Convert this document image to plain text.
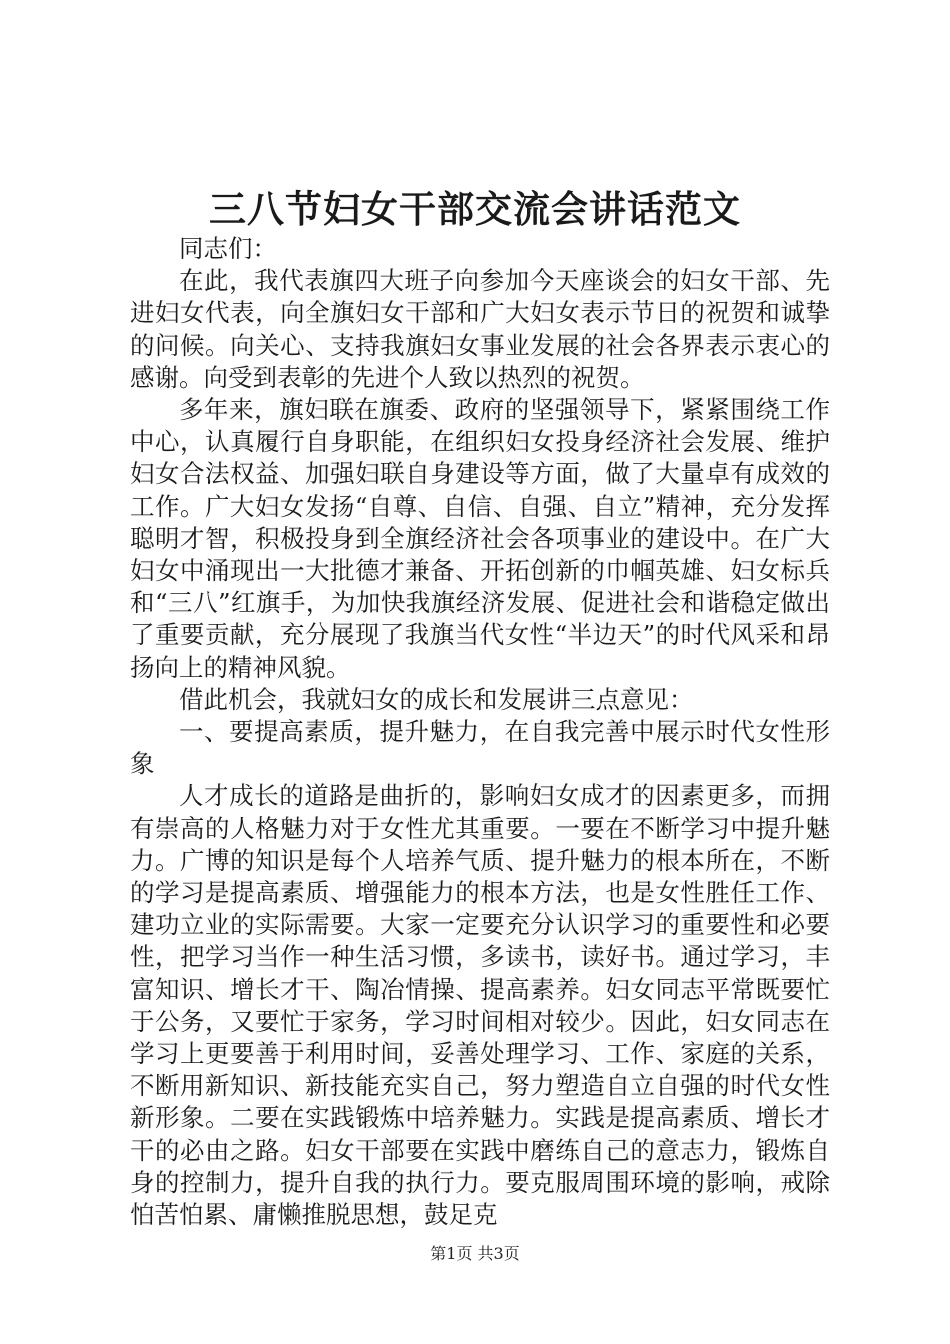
三八节妇女干部交流会讲话范文

同志们：

在此，我代表旗四大班子向参加今天座谈会的妇女干部、先进妇女代表，向全旗妇女干部和广大妇女表示节日的祝贺和诚挚的问候。向关心、支持我旗妇女事业发展的社会各界表示衷心的感谢。向受到表彰的先进个人致以热烈的祝贺。

多年来，旗妇联在旗委、政府的坚强领导下，紧紧围绕工作中心，认真履行自身职能，在组织妇女投身经济社会发展、维护妇女合法权益、加强妇联自身建设等方面，做了大量卓有成效的工作。广大妇女发扬“自尊、自信、自强、自立”精神，充分发挥聪明才智，积极投身到全旗经济社会各项事业的建设中。在广大妇女中涌现出一大批德才兼备、开拓创新的巾帼英雄、妇女标兵和“三八”红旗手，为加快我旗经济发展、促进社会和谐稳定做出了重要贡献，充分展现了我旗当代女性“半边天”的时代风采和昂扬向上的精神风貌。

借此机会，我就妇女的成长和发展讲三点意见：

一、要提高素质，提升魅力，在自我完善中展示时代女性形象

人才成长的道路是曲折的，影响妇女成才的因素更多，而拥有崇高的人格魅力对于女性尤其重要。一要在不断学习中提升魅力。广博的知识是每个人培养气质、提升魅力的根本所在，不断的学习是提高素质、增强能力的根本方法，也是女性胜任工作、建功立业的实际需要。大家一定要充分认识学习的重要性和必要性，把学习当作一种生活习惯，多读书，读好书。通过学习，丰富知识、增长才干、陶冶情操、提高素养。妇女同志平常既要忙于公务，又要忙于家务，学习时间相对较少。因此，妇女同志在学习上更要善于利用时间，妥善处理学习、工作、家庭的关系，不断用新知识、新技能充实自己，努力塑造自立自强的时代女性新形象。二要在实践锻炼中培养魅力。实践是提高素质、增长才干的必由之路。妇女干部要在实践中磨练自己的意志力，锻炼自身的控制力，提升自我的执行力。要克服周围环境的影响，戒除怕苦怕累、庸懒推脱思想，鼓足克

第1页 共3页
